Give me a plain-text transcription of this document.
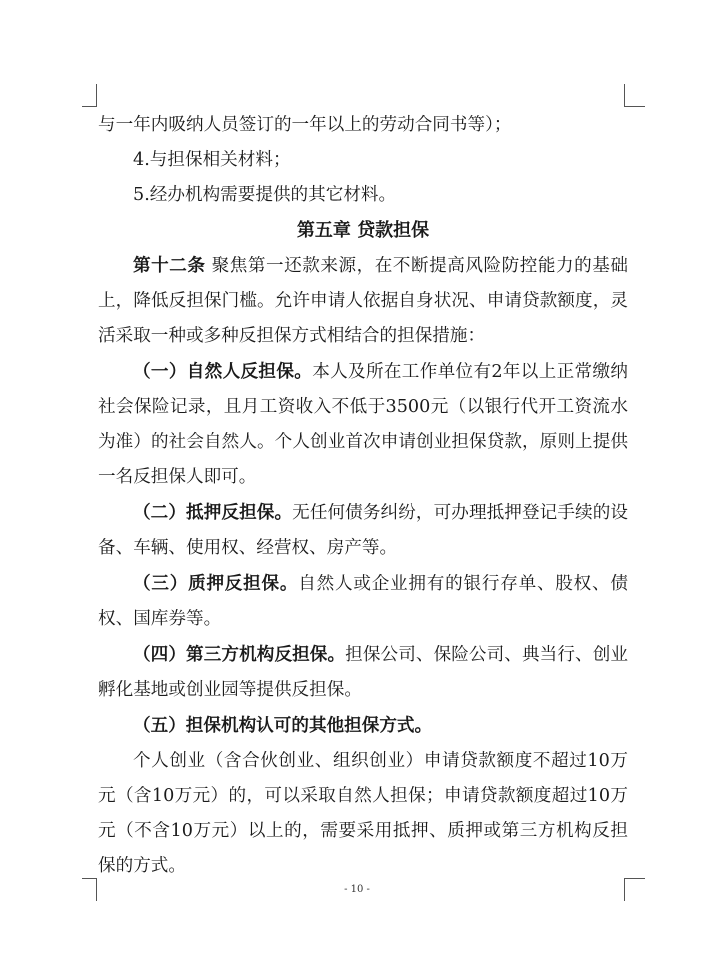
与一年内吸纳人员签订的一年以上的劳动合同书等）；

4.与担保相关材料；

5.经办机构需要提供的其它材料。

第五章 贷款担保

第十二条 聚焦第一还款来源，在不断提高风险防控能力的基础上，降低反担保门槛。允许申请人依据自身状况、申请贷款额度，灵活采取一种或多种反担保方式相结合的担保措施：

（一）自然人反担保。本人及所在工作单位有2年以上正常缴纳社会保险记录，且月工资收入不低于3500元（以银行代开工资流水为准）的社会自然人。个人创业首次申请创业担保贷款，原则上提供一名反担保人即可。

（二）抵押反担保。无任何债务纠纷，可办理抵押登记手续的设备、车辆、使用权、经营权、房产等。

（三）质押反担保。自然人或企业拥有的银行存单、股权、债权、国库券等。

（四）第三方机构反担保。担保公司、保险公司、典当行、创业孵化基地或创业园等提供反担保。

（五）担保机构认可的其他担保方式。

个人创业（含合伙创业、组织创业）申请贷款额度不超过10万元（含10万元）的，可以采取自然人担保；申请贷款额度超过10万元（不含10万元）以上的，需要采用抵押、质押或第三方机构反担保的方式。

- 10 -
